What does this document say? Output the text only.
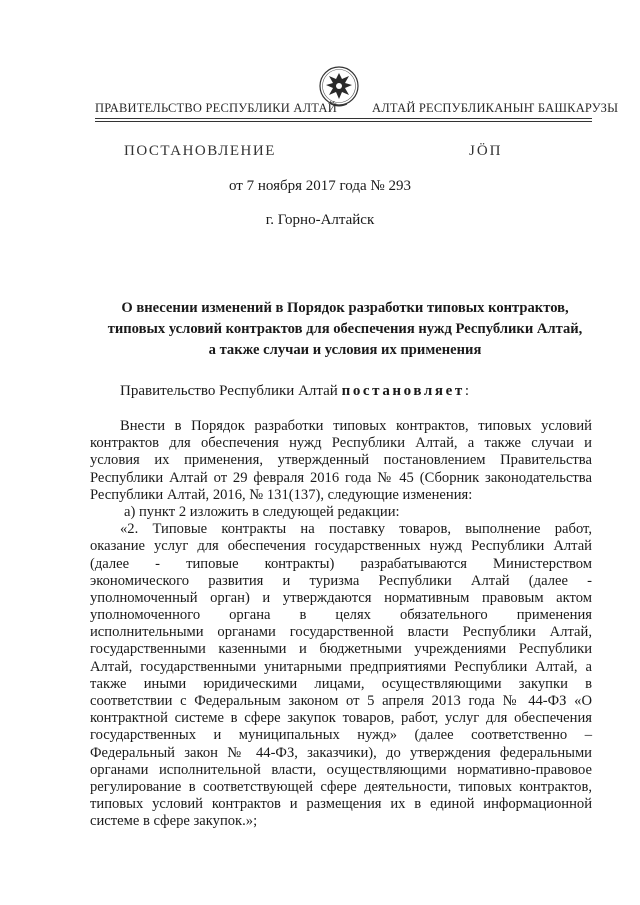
ПРАВИТЕЛЬСТВО РЕСПУБЛИКИ АЛТАЙ	АЛТАЙ РЕСПУБЛИКАНЫҤ БАШКАРУЗЫ
ПОСТАНОВЛЕНИЕ	ЈӦП
от 7 ноября 2017 года № 293
г. Горно-Алтайск
О внесении изменений в Порядок разработки типовых контрактов,
типовых условий контрактов для обеспечения нужд Республики Алтай,
а также случаи и условия их применения
Правительство Республики Алтай постановляет:
Внести в Порядок разработки типовых контрактов, типовых условий
контрактов для обеспечения нужд Республики Алтай, а также случаи и
условия их применения, утвержденный постановлением Правительства
Республики Алтай от 29 февраля 2016 года № 45 (Сборник законодательства
Республики Алтай, 2016, № 131(137), следующие изменения:
а) пункт 2 изложить в следующей редакции:
«2. Типовые контракты на поставку товаров, выполнение работ,
оказание услуг для обеспечения государственных нужд Республики Алтай
(далее - типовые контракты) разрабатываются Министерством
экономического развития и туризма Республики Алтай (далее -
уполномоченный орган) и утверждаются нормативным правовым актом
уполномоченного органа в целях обязательного применения
исполнительными органами государственной власти Республики Алтай,
государственными казенными и бюджетными учреждениями Республики
Алтай, государственными унитарными предприятиями Республики Алтай, а
также иными юридическими лицами, осуществляющими закупки в
соответствии с Федеральным законом от 5 апреля 2013 года № 44-ФЗ «О
контрактной системе в сфере закупок товаров, работ, услуг для обеспечения
государственных и муниципальных нужд» (далее соответственно –
Федеральный закон № 44-ФЗ, заказчики), до утверждения федеральными
органами исполнительной власти, осуществляющими нормативно-правовое
регулирование в соответствующей сфере деятельности, типовых контрактов,
типовых условий контрактов и размещения их в единой информационной
системе в сфере закупок.»;
